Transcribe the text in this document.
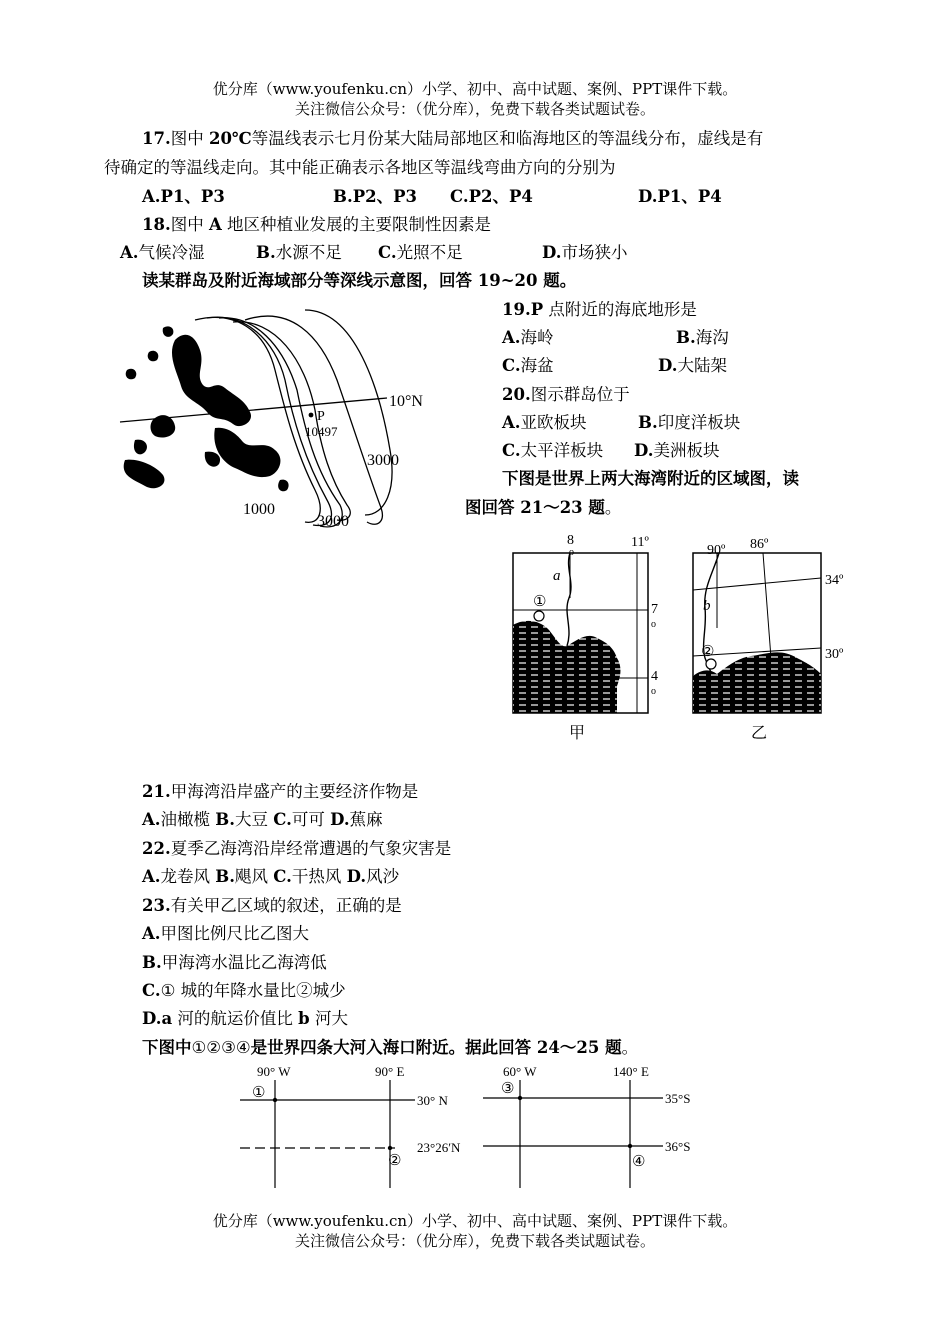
优分库（www.youfenku.cn）小学、初中、高中试题、案例、PPT课件下载。
关注微信公众号：（优分库），免费下载各类试题试卷。
17.图中 20℃等温线表示七月份某大陆局部地区和临海地区的等温线分布，虚线是有
待确定的等温线走向。其中能正确表示各地区等温线弯曲方向的分别为
A.P1、P3	B.P2、P3 C.P2、P4	D.P1、P4
18.图中 A 地区种植业发展的主要限制性因素是
A.气候冷湿	B.水源不足 C.光照不足	D.市场狭小
读某群岛及附近海域部分等深线示意图，回答 19~20 题。
19.P 点附近的海底地形是
A.海岭	B.海沟
C.海盆	D.大陆架
20.图示群岛位于
A.亚欧板块	B.印度洋板块
C.太平洋板块 D.美洲板块
10°N
P
10497
3000
1000
3000
下图是世界上两大海湾附近的区域图，读
图回答 21～23 题。
8
o
11º
a
①	7
o
4
o
甲
90º 86º
34º
30º
b
②
乙
21.甲海湾沿岸盛产的主要经济作物是
A.油橄榄 B.大豆 C.可可 D.蕉麻
22.夏季乙海湾沿岸经常遭遇的气象灾害是
A.龙卷风 B.飓风 C.干热风 D.风沙
23.有关甲乙区域的叙述，正确的是
A.甲图比例尺比乙图大
B.甲海湾水温比乙海湾低
C.① 城的年降水量比②城少
D.a 河的航运价值比 b 河大
下图中①②③④是世界四条大河入海口附近。据此回答 24～25 题。
90° W	90° E
30° N
23°26′N
①
②
60° W	140° E
35°S
36°S
③
④
优分库（www.youfenku.cn）小学、初中、高中试题、案例、PPT课件下载。
关注微信公众号：（优分库），免费下载各类试题试卷。
